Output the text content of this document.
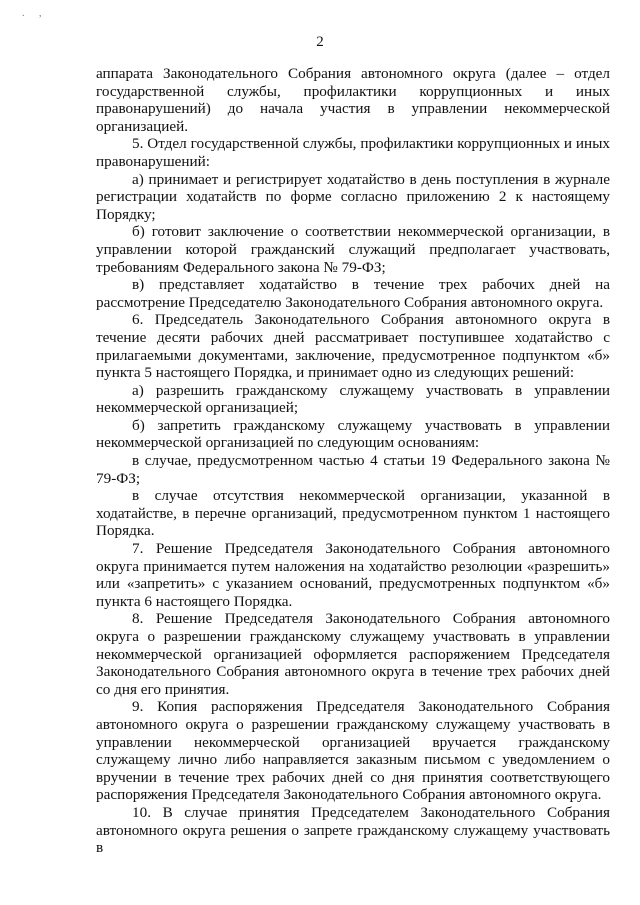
. ,
2

аппарата Законодательного Собрания автономного округа (далее – отдел государственной службы, профилактики коррупционных и иных правонарушений) до начала участия в управлении некоммерческой организацией.

5. Отдел государственной службы, профилактики коррупционных и иных правонарушений:

а) принимает и регистрирует ходатайство в день поступления в журнале регистрации ходатайств по форме согласно приложению 2 к настоящему Порядку;

б) готовит заключение о соответствии некоммерческой организации, в управлении которой гражданский служащий предполагает участвовать, требованиям Федерального закона № 79-ФЗ;

в) представляет ходатайство в течение трех рабочих дней на рассмотрение Председателю Законодательного Собрания автономного округа.

6. Председатель Законодательного Собрания автономного округа в течение десяти рабочих дней рассматривает поступившее ходатайство с прилагаемыми документами, заключение, предусмотренное подпунктом «б» пункта 5 настоящего Порядка, и принимает одно из следующих решений:

а) разрешить гражданскому служащему участвовать в управлении некоммерческой организацией;

б) запретить гражданскому служащему участвовать в управлении некоммерческой организацией по следующим основаниям:

в случае, предусмотренном частью 4 статьи 19 Федерального закона № 79-ФЗ;

в случае отсутствия некоммерческой организации, указанной в ходатайстве, в перечне организаций, предусмотренном пунктом 1 настоящего Порядка.

7. Решение Председателя Законодательного Собрания автономного округа принимается путем наложения на ходатайство резолюции «разрешить» или «запретить» с указанием оснований, предусмотренных подпунктом «б» пункта 6 настоящего Порядка.

8. Решение Председателя Законодательного Собрания автономного округа о разрешении гражданскому служащему участвовать в управлении некоммерческой организацией оформляется распоряжением Председателя Законодательного Собрания автономного округа в течение трех рабочих дней со дня его принятия.

9. Копия распоряжения Председателя Законодательного Собрания автономного округа о разрешении гражданскому служащему участвовать в управлении некоммерческой организацией вручается гражданскому служащему лично либо направляется заказным письмом с уведомлением о вручении в течение трех рабочих дней со дня принятия соответствующего распоряжения Председателя Законодательного Собрания автономного округа.

10. В случае принятия Председателем Законодательного Собрания автономного округа решения о запрете гражданскому служащему участвовать в
